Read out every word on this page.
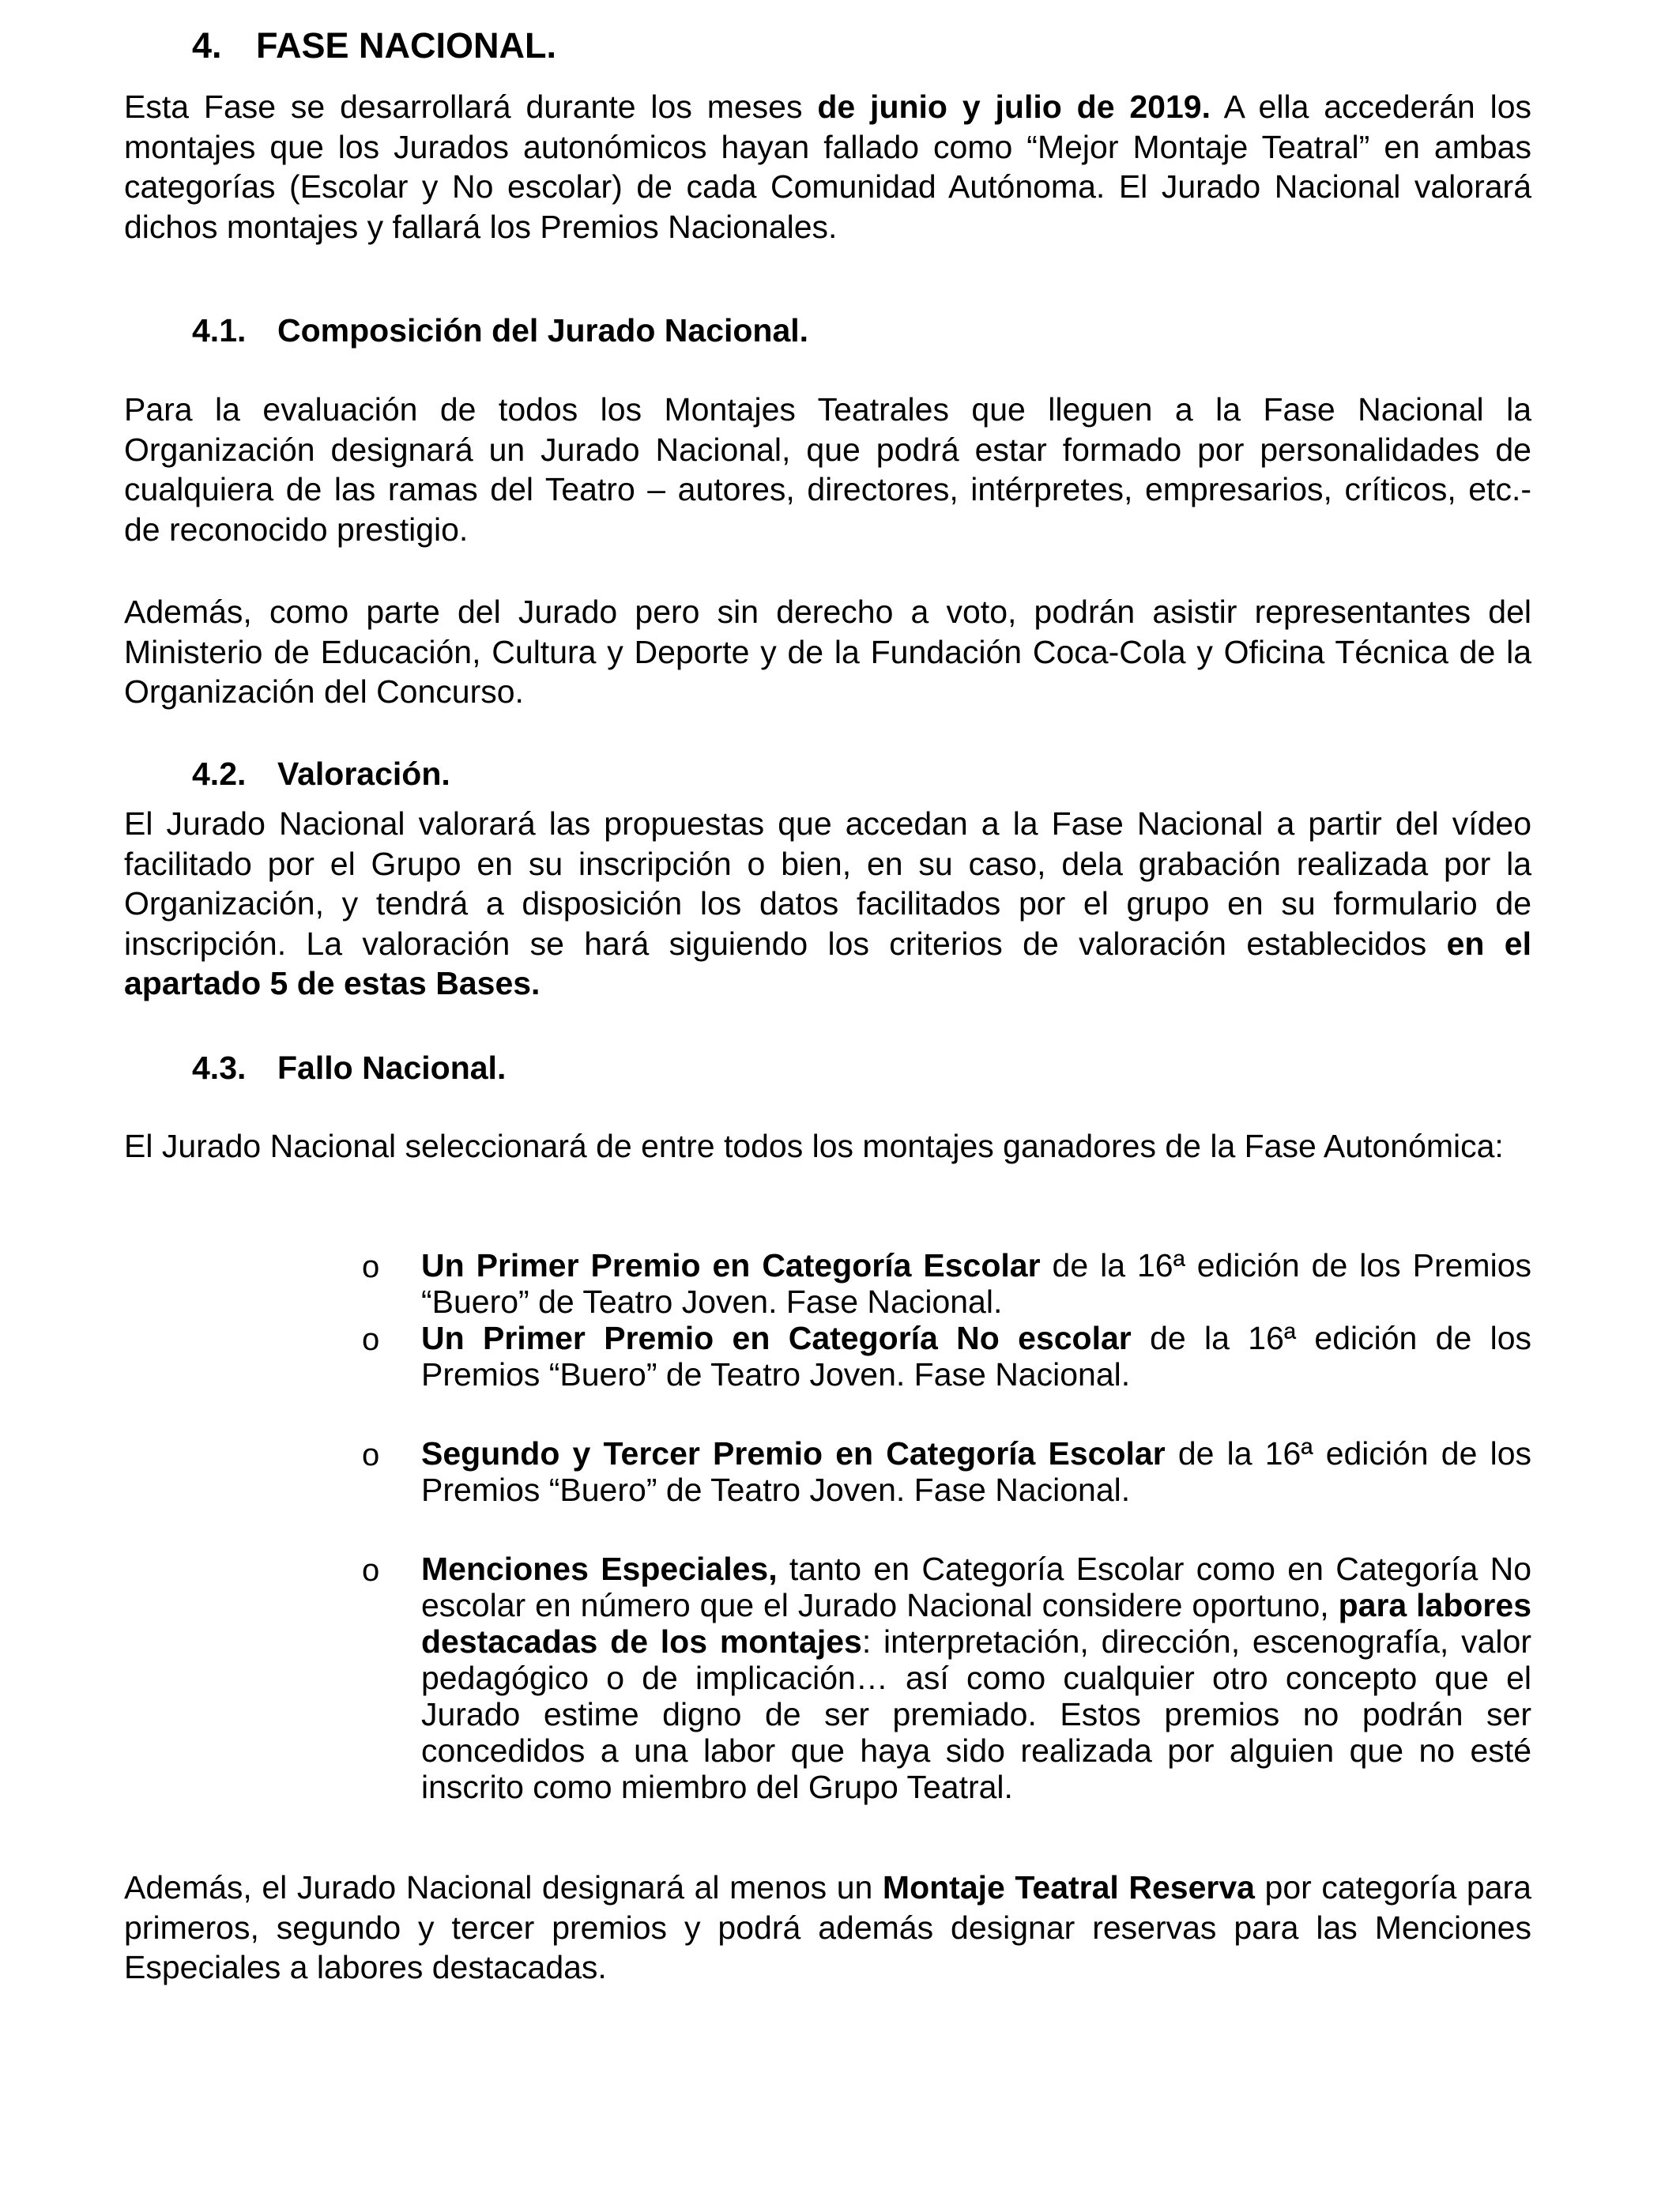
4. FASE NACIONAL.

Esta Fase se desarrollará durante los meses de junio y julio de 2019. A ella accederán los montajes que los Jurados autonómicos hayan fallado como “Mejor Montaje Teatral” en ambas categorías (Escolar y No escolar) de cada Comunidad Autónoma. El Jurado Nacional valorará dichos montajes y fallará los Premios Nacionales.

4.1. Composición del Jurado Nacional.

Para la evaluación de todos los Montajes Teatrales que lleguen a la Fase Nacional la Organización designará un Jurado Nacional, que podrá estar formado por personalidades de cualquiera de las ramas del Teatro – autores, directores, intérpretes, empresarios, críticos, etc.- de reconocido prestigio.

Además, como parte del Jurado pero sin derecho a voto, podrán asistir representantes del Ministerio de Educación, Cultura y Deporte y de la Fundación Coca-Cola y Oficina Técnica de la Organización del Concurso.

4.2. Valoración.

El Jurado Nacional valorará las propuestas que accedan a la Fase Nacional a partir del vídeo facilitado por el Grupo en su inscripción o bien, en su caso, dela grabación realizada por la Organización, y tendrá a disposición los datos facilitados por el grupo en su formulario de inscripción. La valoración se hará siguiendo los criterios de valoración establecidos en el apartado 5 de estas Bases.

4.3. Fallo Nacional.

El Jurado Nacional seleccionará de entre todos los montajes ganadores de la Fase Autonómica:

o	Un Primer Premio en Categoría Escolar de la 16ª edición de los Premios “Buero” de Teatro Joven. Fase Nacional.
o	Un Primer Premio en Categoría No escolar de la 16ª edición de los Premios “Buero” de Teatro Joven. Fase Nacional.
o	Segundo y Tercer Premio en Categoría Escolar de la 16ª edición de los Premios “Buero” de Teatro Joven. Fase Nacional.
o	Menciones Especiales, tanto en Categoría Escolar como en Categoría No escolar en número que el Jurado Nacional considere oportuno, para labores destacadas de los montajes: interpretación, dirección, escenografía, valor pedagógico o de implicación… así como cualquier otro concepto que el Jurado estime digno de ser premiado. Estos premios no podrán ser concedidos a una labor que haya sido realizada por alguien que no esté inscrito como miembro del Grupo Teatral.

Además, el Jurado Nacional designará al menos un Montaje Teatral Reserva por categoría para primeros, segundo y tercer premios y podrá además designar reservas para las Menciones Especiales a labores destacadas.
